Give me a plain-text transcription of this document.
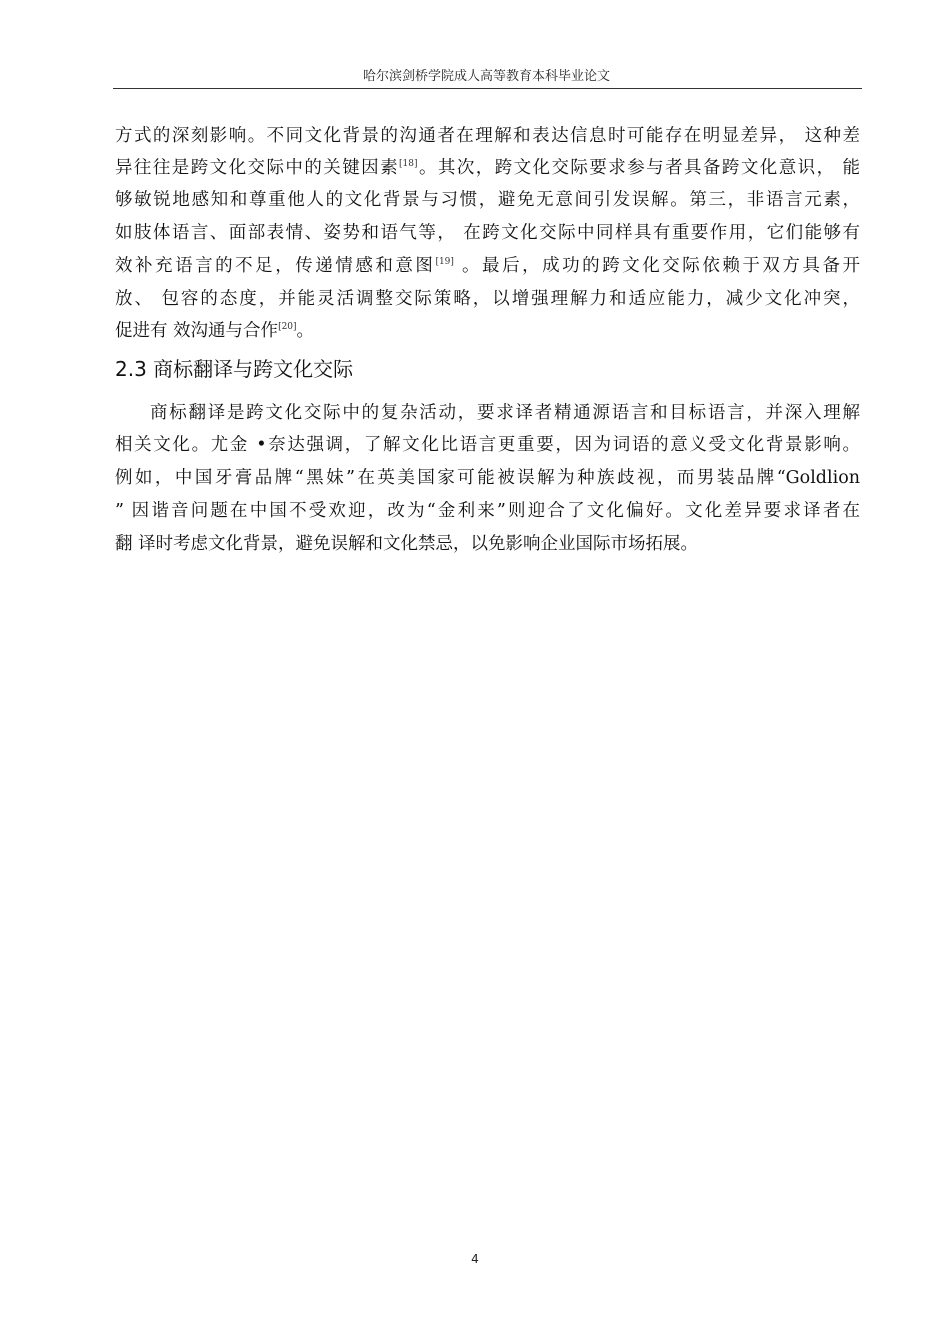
哈尔滨剑桥学院成人高等教育本科毕业论文
方式的深刻影响。不同文化背景的沟通者在理解和表达信息时可能存在明显差异， 这种差
异往往是跨文化交际中的关键因素[18]。其次，跨文化交际要求参与者具备跨文化意识， 能
够敏锐地感知和尊重他人的文化背景与习惯，避免无意间引发误解。第三，非语言元素，
如肢体语言、面部表情、姿势和语气等， 在跨文化交际中同样具有重要作用，它们能够有
效补充语言的不足，传递情感和意图[19] 。最后，成功的跨文化交际依赖于双方具备开
放、 包容的态度，并能灵活调整交际策略，以增强理解力和适应能力，减少文化冲突，
促进有 效沟通与合作[20]。
2.3 商标翻译与跨文化交际
商标翻译是跨文化交际中的复杂活动，要求译者精通源语言和目标语言，并深入理解
相关文化。尤金 •奈达强调，了解文化比语言更重要，因为词语的意义受文化背景影响。
例如，中国牙膏品牌“黑妹”在英美国家可能被误解为种族歧视，而男装品牌“Goldlion
” 因谐音问题在中国不受欢迎，改为“金利来”则迎合了文化偏好。文化差异要求译者在
翻 译时考虑文化背景，避免误解和文化禁忌，以免影响企业国际市场拓展。
4
